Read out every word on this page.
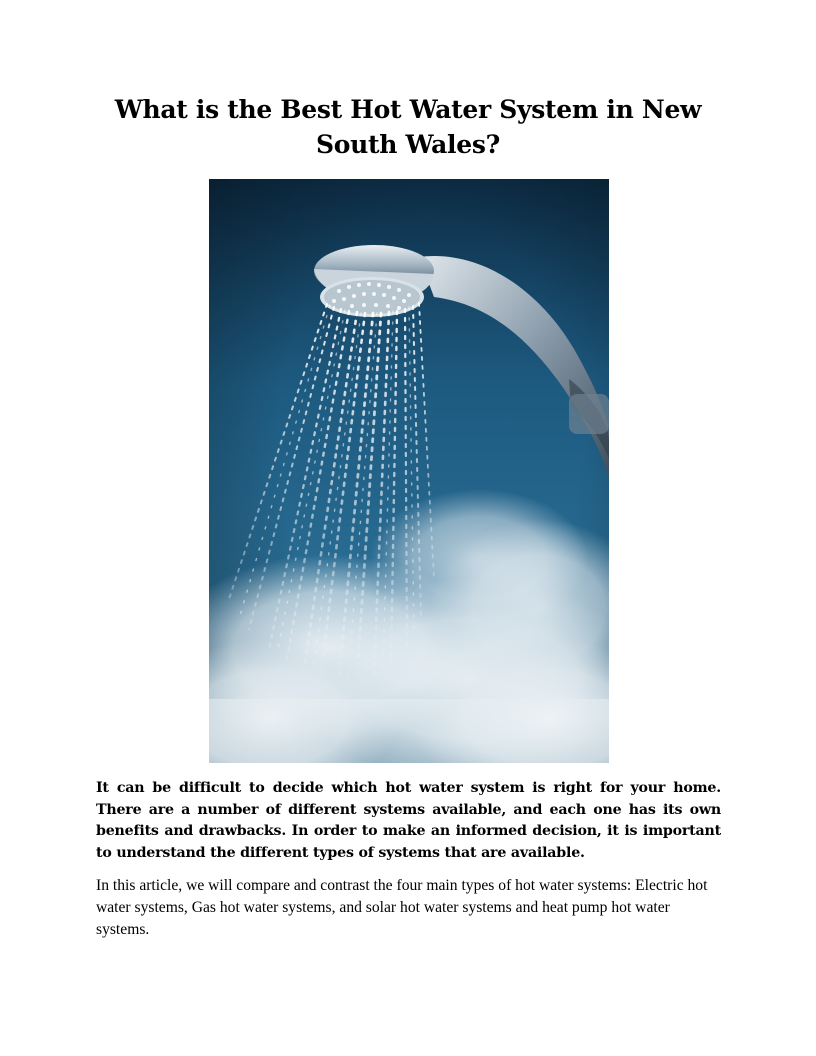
What is the Best Hot Water System in New South Wales?

It can be difficult to decide which hot water system is right for your home. There are a number of different systems available, and each one has its own benefits and drawbacks. In order to make an informed decision, it is important to understand the different types of systems that are available.

In this article, we will compare and contrast the four main types of hot water systems: Electric hot water systems, Gas hot water systems, and solar hot water systems and heat pump hot water systems.
